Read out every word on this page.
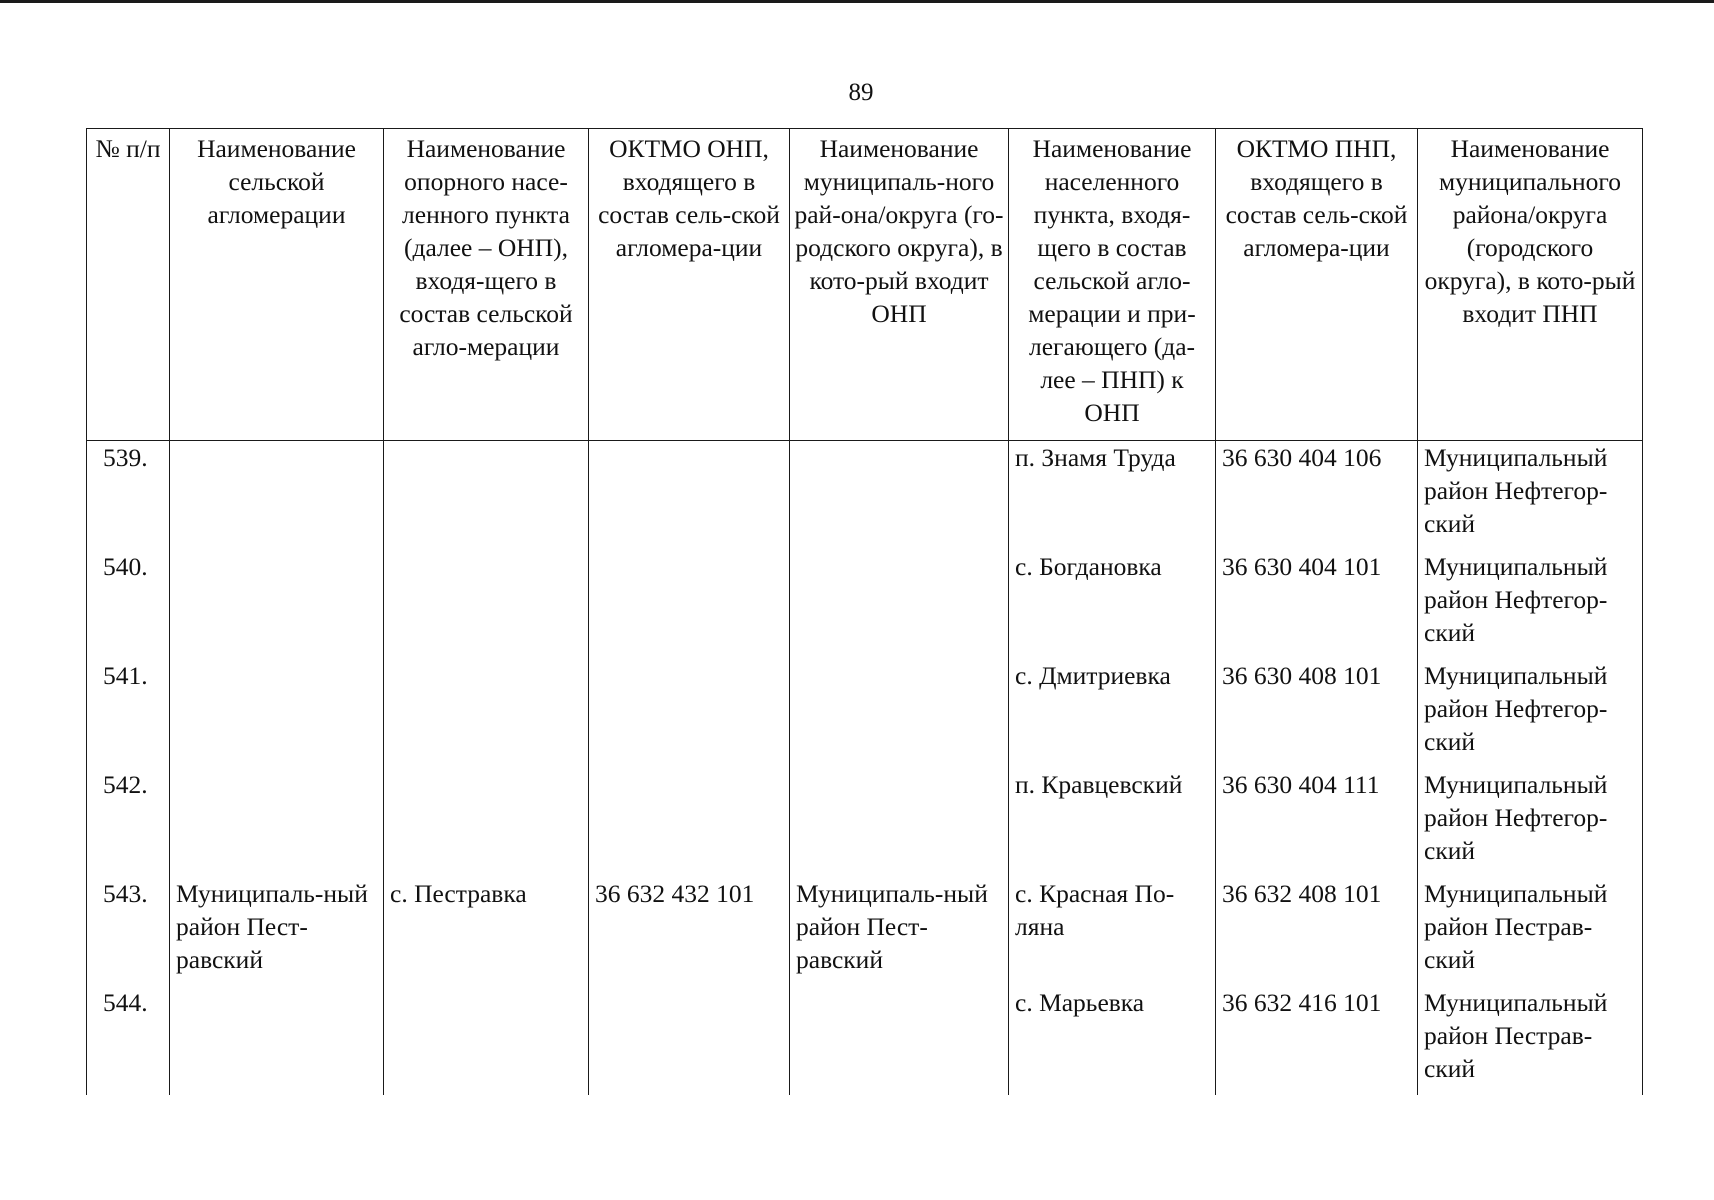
89
№ п/п	Наименование сельской агломерации	Наименование опорного насе-ленного пункта (далее – ОНП), входя-щего в состав сельской агло-мерации	ОКТМО ОНП, входящего в состав сель-ской агломера-ции	Наименование муниципаль-ного рай-она/округа (го-родского округа), в кото-рый входит ОНП	Наименование населенного пункта, входя-щего в состав сельской агло-мерации и при-легающего (да-лее – ПНП) к ОНП	ОКТМО ПНП, входящего в состав сель-ской агломера-ции	Наименование муниципального района/округа (городского округа), в кото-рый входит ПНП
539.					п. Знамя Труда	36 630 404 106	Муниципальный район Нефтегор-ский
540.					с. Богдановка	36 630 404 101	Муниципальный район Нефтегор-ский
541.					с. Дмитриевка	36 630 408 101	Муниципальный район Нефтегор-ский
542.					п. Кравцевский	36 630 404 111	Муниципальный район Нефтегор-ский
543.	Муниципаль-ный район Пест-равский	с. Пестравка	36 632 432 101	Муниципаль-ный район Пест-равский	с. Красная По-ляна	36 632 408 101	Муниципальный район Пестрав-ский
544.					с. Марьевка	36 632 416 101	Муниципальный район Пестрав-ский
